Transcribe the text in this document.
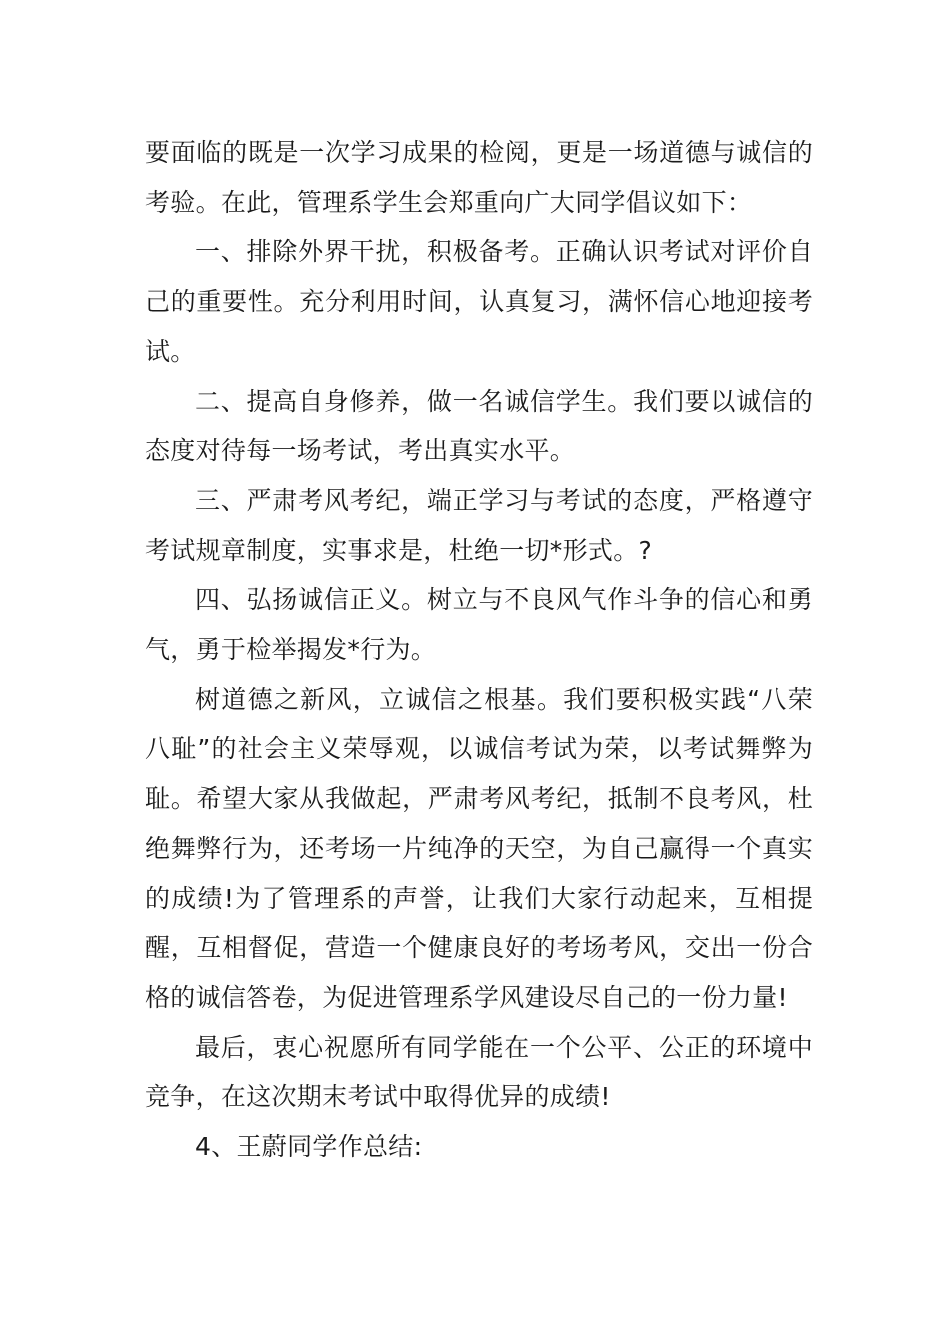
要面临的既是一次学习成果的检阅，更是一场道德与诚信的考验。在此，管理系学生会郑重向广大同学倡议如下：

一、排除外界干扰，积极备考。正确认识考试对评价自己的重要性。充分利用时间，认真复习，满怀信心地迎接考试。

二、提高自身修养，做一名诚信学生。我们要以诚信的态度对待每一场考试，考出真实水平。

三、严肃考风考纪，端正学习与考试的态度，严格遵守考试规章制度，实事求是，杜绝一切*形式。?

四、弘扬诚信正义。树立与不良风气作斗争的信心和勇气，勇于检举揭发*行为。

树道德之新风，立诚信之根基。我们要积极实践“八荣八耻”的社会主义荣辱观，以诚信考试为荣，以考试舞弊为耻。希望大家从我做起，严肃考风考纪，抵制不良考风，杜绝舞弊行为，还考场一片纯净的天空，为自己赢得一个真实的成绩!为了管理系的声誉，让我们大家行动起来，互相提醒，互相督促，营造一个健康良好的考场考风，交出一份合格的诚信答卷，为促进管理系学风建设尽自己的一份力量!

最后，衷心祝愿所有同学能在一个公平、公正的环境中竞争，在这次期末考试中取得优异的成绩!

4、王蔚同学作总结:
